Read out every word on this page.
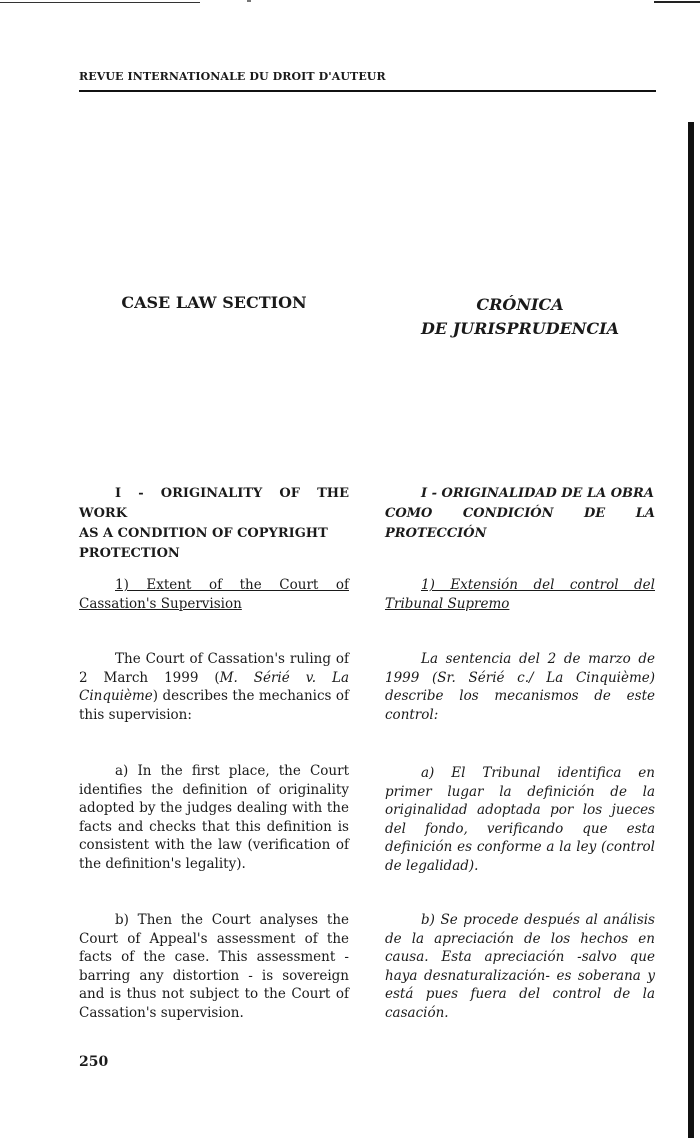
REVUE INTERNATIONALE DU DROIT D'AUTEUR
CASE LAW SECTION	CRÓNICA
DE JURISPRUDENCIA
I - ORIGINALITY OF THE WORK
AS A CONDITION OF COPYRIGHT
PROTECTION
I - ORIGINALIDAD DE LA OBRA
COMO CONDICIÓN DE LA
PROTECCIÓN

1) Extent of the Court of Cassation's Supervision

1) Extensión del control del Tribunal Supremo

The Court of Cassation's ruling of 2 March 1999 (M. Sérié v. La Cinquième) describes the mechanics of this supervision:

La sentencia del 2 de marzo de 1999 (Sr. Sérié c./ La Cinquième) describe los mecanismos de este control:

a) In the first place, the Court identifies the definition of originality adopted by the judges dealing with the facts and checks that this definition is consistent with the law (verification of the definition's legality).

a) El Tribunal identifica en primer lugar la definición de la originalidad adoptada por los jueces del fondo, verificando que esta definición es conforme a la ley (control de legalidad).

b) Then the Court analyses the Court of Appeal's assessment of the facts of the case. This assessment - barring any distortion - is sovereign and is thus not subject to the Court of Cassation's supervision.

b) Se procede después al análisis de la apreciación de los hechos en causa. Esta apreciación -salvo que haya desnaturalización- es soberana y está pues fuera del control de la casación.

250
